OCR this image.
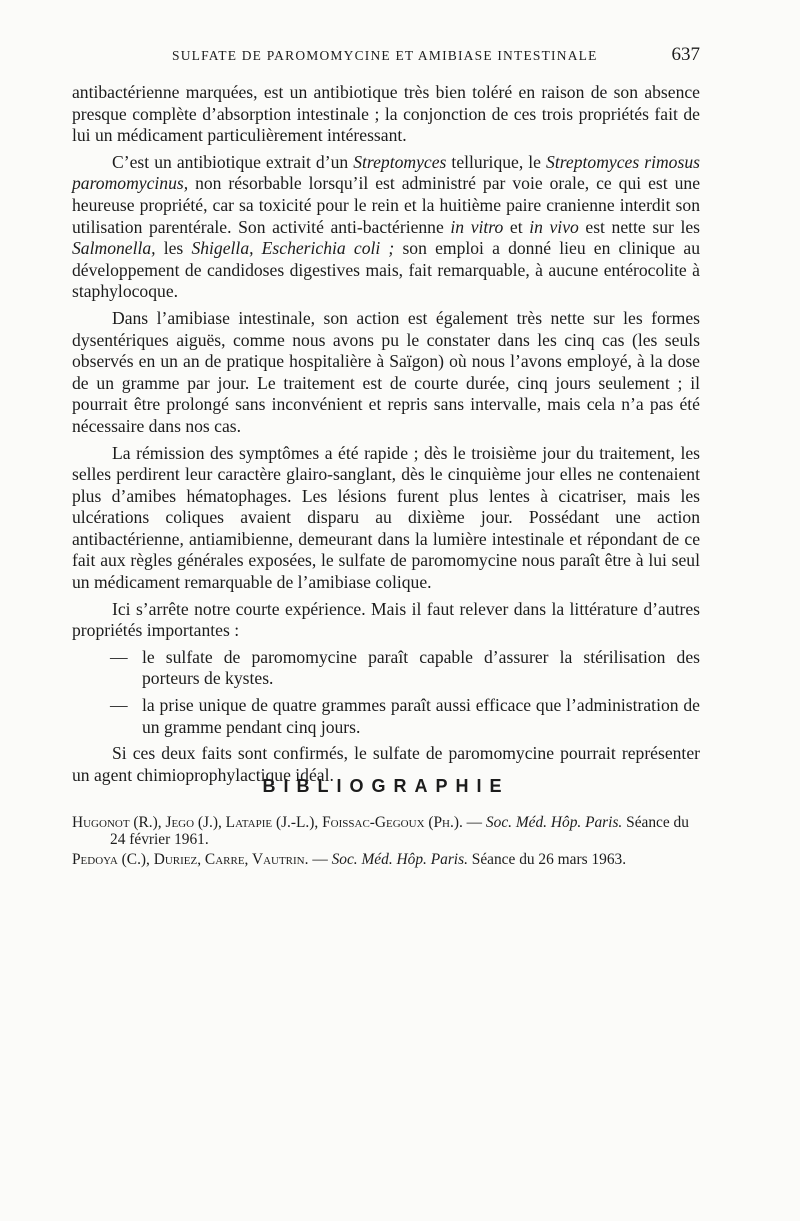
SULFATE DE PAROMOMYCINE ET AMIBIASE INTESTINALE	637

antibactérienne marquées, est un antibiotique très bien toléré en raison de son absence presque complète d’absorption intestinale ; la conjonction de ces trois propriétés fait de lui un médicament particulièrement intéressant.

C’est un antibiotique extrait d’un Streptomyces tellurique, le Streptomyces rimosus paromomycinus, non résorbable lorsqu’il est administré par voie orale, ce qui est une heureuse propriété, car sa toxicité pour le rein et la huitième paire cranienne interdit son utilisation parentérale. Son activité anti-bactérienne in vitro et in vivo est nette sur les Salmonella, les Shigella, Escherichia coli ; son emploi a donné lieu en clinique au développement de candidoses digestives mais, fait remarquable, à aucune entérocolite à staphylocoque.

Dans l’amibiase intestinale, son action est également très nette sur les formes dysentériques aiguës, comme nous avons pu le constater dans les cinq cas (les seuls observés en un an de pratique hospitalière à Saïgon) où nous l’avons employé, à la dose de un gramme par jour. Le traitement est de courte durée, cinq jours seulement ; il pourrait être prolongé sans inconvénient et repris sans intervalle, mais cela n’a pas été nécessaire dans nos cas.

La rémission des symptômes a été rapide ; dès le troisième jour du traitement, les selles perdirent leur caractère glairo-sanglant, dès le cinquième jour elles ne contenaient plus d’amibes hématophages. Les lésions furent plus lentes à cicatriser, mais les ulcérations coliques avaient disparu au dixième jour. Possédant une action antibactérienne, antiamibienne, demeurant dans la lumière intestinale et répondant de ce fait aux règles générales exposées, le sulfate de paromomycine nous paraît être à lui seul un médicament remarquable de l’amibiase colique.

Ici s’arrête notre courte expérience. Mais il faut relever dans la littérature d’autres propriétés importantes :

— le sulfate de paromomycine paraît capable d’assurer la stérilisation des porteurs de kystes.
— la prise unique de quatre grammes paraît aussi efficace que l’administration de un gramme pendant cinq jours.

Si ces deux faits sont confirmés, le sulfate de paromomycine pourrait représenter un agent chimioprophylactique idéal.

BIBLIOGRAPHIE

Hugonot (R.), Jego (J.), Latapie (J.-L.), Foissac-Gegoux (Ph.). — Soc. Méd. Hôp. Paris. Séance du 24 février 1961.

Pedoya (C.), Duriez, Carre, Vautrin. — Soc. Méd. Hôp. Paris. Séance du 26 mars 1963.
